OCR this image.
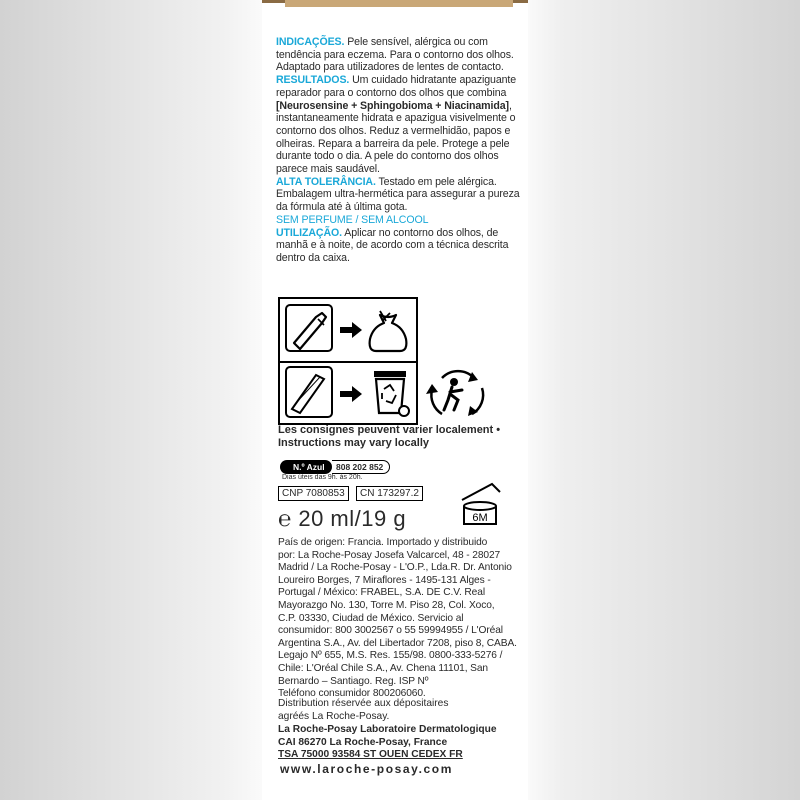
INDICAÇÕES. Pele sensível, alérgica ou com tendência para eczema. Para o contorno dos olhos. Adaptado para utilizadores de lentes de contacto.

RESULTADOS. Um cuidado hidratante apaziguante reparador para o contorno dos olhos que combina [Neurosensine + Sphingobioma + Niacinamida], instantaneamente hidrata e apazigua visivelmente o contorno dos olhos. Reduz a vermelhidão, papos e olheiras. Repara a barreira da pele. Protege a pele durante todo o dia. A pele do contorno dos olhos parece mais saudável.

ALTA TOLERÂNCIA. Testado em pele alérgica. Embalagem ultra-hermética para assegurar a pureza da fórmula até à última gota.

SEM PERFUME / SEM ALCOOL

UTILIZAÇÃO. Aplicar no contorno dos olhos, de manhã e à noite, de acordo com a técnica descrita dentro da caixa.

Les consignes peuvent varier localement •
Instructions may vary locally
N.º Azul	808 202 852
Dias úteis das 9h. às 20h.
CNP 7080853	CN 173297.2
℮ 20 ml/19 g	6M
País de origen: Francia. Importado y distribuido
por: La Roche-Posay Josefa Valcarcel, 48 - 28027
Madrid / La Roche-Posay - L'O.P., Lda.R. Dr. Antonio
Loureiro Borges, 7 Miraflores - 1495-131 Alges -
Portugal / México: FRABEL, S.A. DE C.V. Real
Mayorazgo No. 130, Torre M. Piso 28, Col. Xoco,
C.P. 03330, Ciudad de México. Servicio al
consumidor: 800 3002567 o 55 59994955 / L'Oréal
Argentina S.A., Av. del Libertador 7208, piso 8, CABA.
Legajo Nº 655, M.S. Res. 155/98. 0800-333-5276 /
Chile: L'Oréal Chile S.A., Av. Chena 11101, San
Bernardo – Santiago. Reg. ISP Nº
Teléfono consumidor 800206060.
Distribution réservée aux dépositaires
agréés La Roche-Posay.
La Roche-Posay Laboratoire Dermatologique
CAI 86270 La Roche-Posay, France
TSA 75000 93584 ST OUEN CEDEX FR
www.laroche-posay.com
